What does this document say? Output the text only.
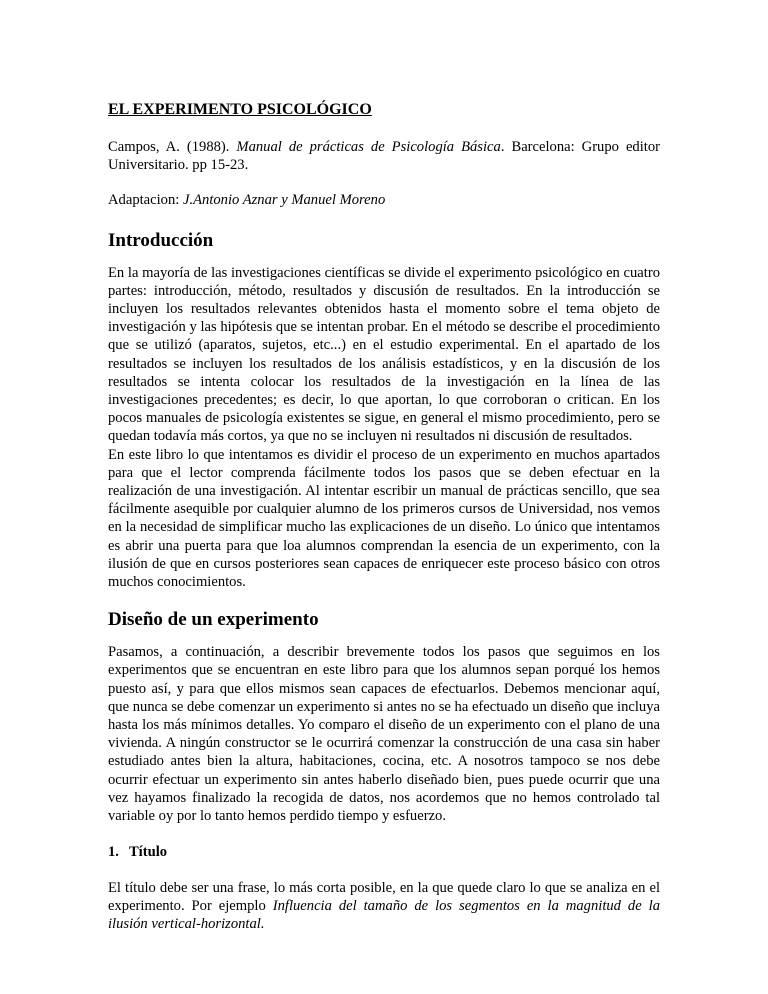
EL EXPERIMENTO PSICOLÓGICO

Campos, A. (1988). Manual de prácticas de Psicología Básica. Barcelona: Grupo editor Universitario. pp 15-23.

Adaptacion: J.Antonio Aznar y Manuel Moreno

Introducción

En la mayoría de las investigaciones científicas se divide el experimento psicológico en cuatro partes: introducción, método, resultados y discusión de resultados. En la introducción se incluyen los resultados relevantes obtenidos hasta el momento sobre el tema objeto de investigación y las hipótesis que se intentan probar. En el método se describe el procedimiento que se utilizó (aparatos, sujetos, etc...) en el estudio experimental. En el apartado de los resultados se incluyen los resultados de los análisis estadísticos, y en la discusión de los resultados se intenta colocar los resultados de la investigación en la línea de las investigaciones precedentes; es decir, lo que aportan, lo que corroboran o critican. En los pocos manuales de psicología existentes se sigue, en general el mismo procedimiento, pero se quedan todavía más cortos, ya que no se incluyen ni resultados ni discusión de resultados.

En este libro lo que intentamos es dividir el proceso de un experimento en muchos apartados para que el lector comprenda fácilmente todos los pasos que se deben efectuar en la realización de una investigación. Al intentar escribir un manual de prácticas sencillo, que sea fácilmente asequible por cualquier alumno de los primeros cursos de Universidad, nos vemos en la necesidad de simplificar mucho las explicaciones de un diseño. Lo único que intentamos es abrir una puerta para que loa alumnos comprendan la esencia de un experimento, con la ilusión de que en cursos posteriores sean capaces de enriquecer este proceso básico con otros muchos conocimientos.

Diseño de un experimento

Pasamos, a continuación, a describir brevemente todos los pasos que seguimos en los experimentos que se encuentran en este libro para que los alumnos sepan porqué los hemos puesto así, y para que ellos mismos sean capaces de efectuarlos. Debemos mencionar aquí, que nunca se debe comenzar un experimento si antes no se ha efectuado un diseño que incluya hasta los más mínimos detalles. Yo comparo el diseño de un experimento con el plano de una vivienda. A ningún constructor se le ocurrirá comenzar la construcción de una casa sin haber estudiado antes bien la altura, habitaciones, cocina, etc. A nosotros tampoco se nos debe ocurrir efectuar un experimento sin antes haberlo diseñado bien, pues puede ocurrir que una vez hayamos finalizado la recogida de datos, nos acordemos que no hemos controlado tal variable oy por lo tanto hemos perdido tiempo y esfuerzo.

1. Título

El título debe ser una frase, lo más corta posible, en la que quede claro lo que se analiza en el experimento. Por ejemplo Influencia del tamaño de los segmentos en la magnitud de la ilusión vertical-horizontal.
